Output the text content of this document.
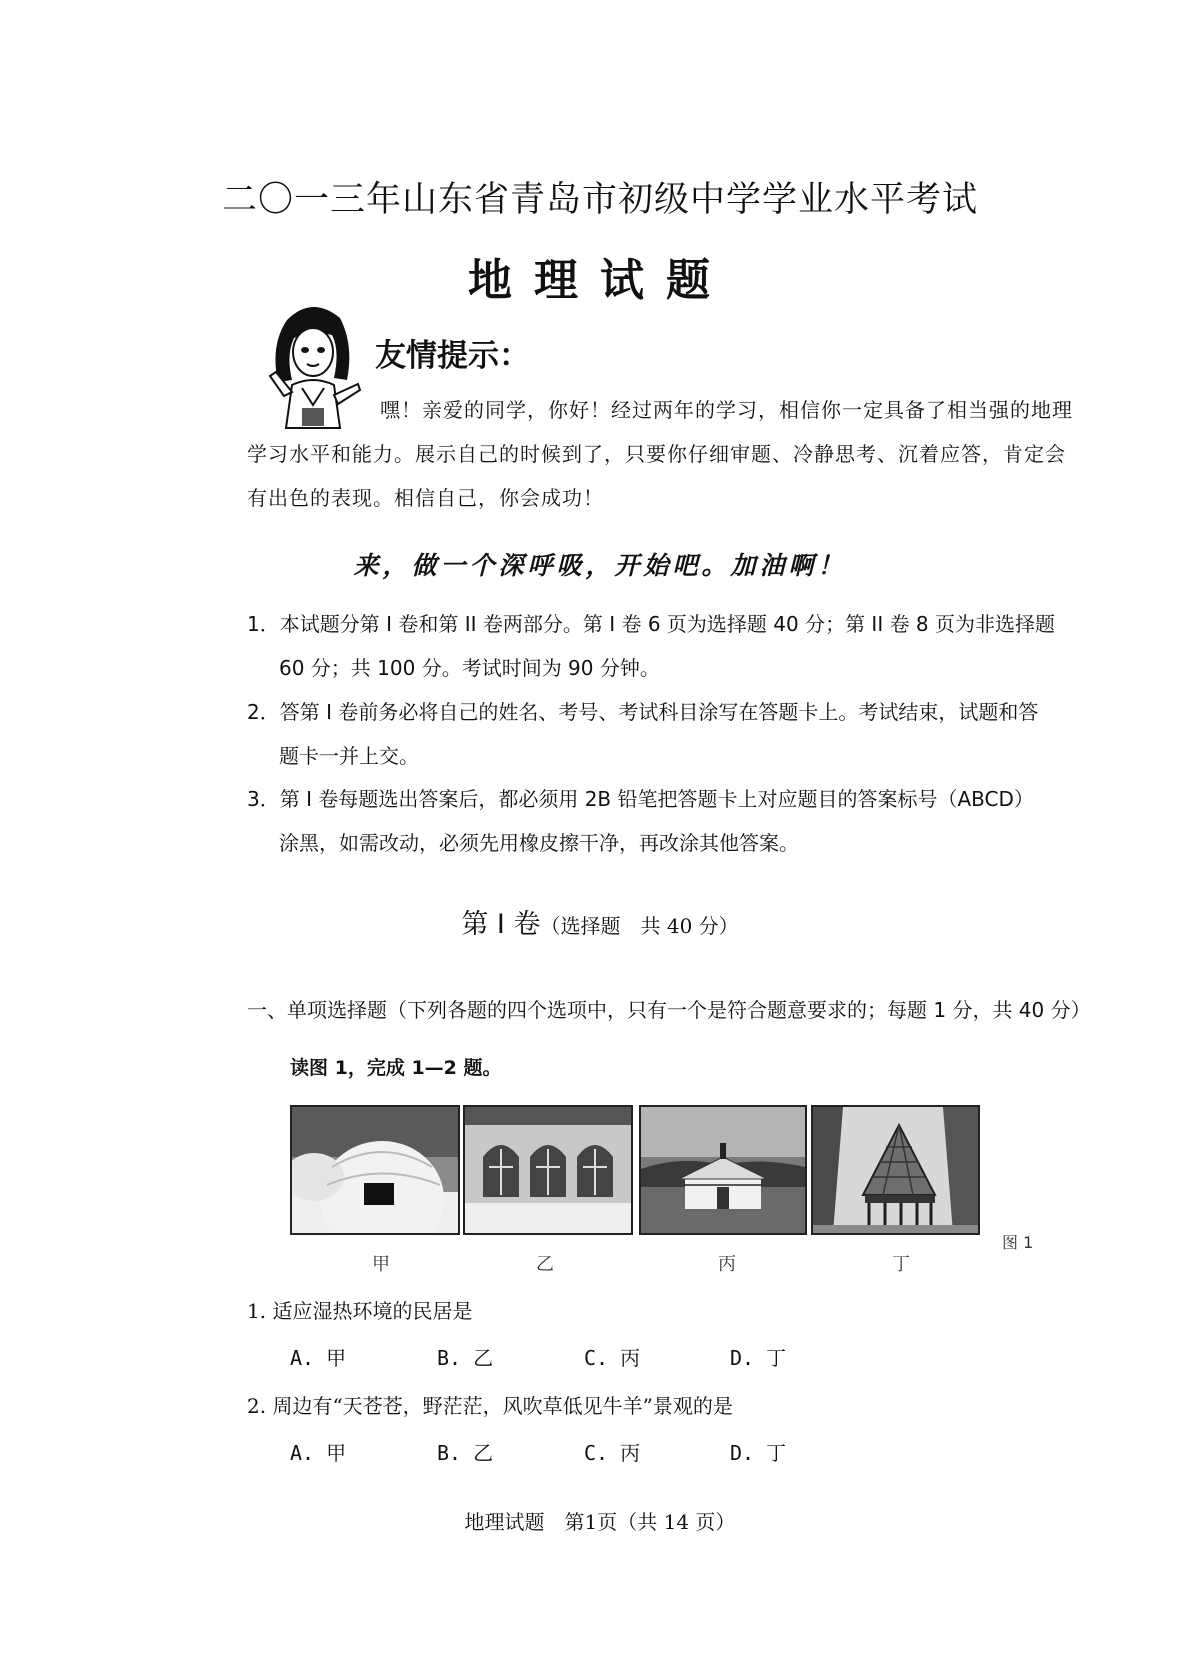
二〇一三年山东省青岛市初级中学学业水平考试
地理试题
友情提示：
嘿！亲爱的同学，你好！经过两年的学习，相信你一定具备了相当强的地理
学习水平和能力。展示自己的时候到了，只要你仔细审题、冷静思考、沉着应答，肯定会
有出色的表现。相信自己，你会成功！
来，做一个深呼吸，开始吧。加油啊！
1．本试题分第 I 卷和第 II 卷两部分。第 I 卷 6 页为选择题 40 分；第 II 卷 8 页为非选择题
60 分；共 100 分。考试时间为 90 分钟。
2．答第 I 卷前务必将自己的姓名、考号、考试科目涂写在答题卡上。考试结束，试题和答
题卡一并上交。
3．第 I 卷每题选出答案后，都必须用 2B 铅笔把答题卡上对应题目的答案标号（ABCD）
涂黑，如需改动，必须先用橡皮擦干净，再改涂其他答案。
第 I 卷（选择题　共 40 分）
一、单项选择题（下列各题的四个选项中，只有一个是符合题意要求的；每题 1 分，共 40 分）
读图 1，完成 1—2 题。
甲	乙	丙	丁
图 1
1. 适应湿热环境的民居是
A. 甲	B. 乙	C. 丙	D. 丁
2. 周边有“天苍苍，野茫茫，风吹草低见牛羊”景观的是
A. 甲	B. 乙	C. 丙	D. 丁
地理试题　第1页（共 14 页）
